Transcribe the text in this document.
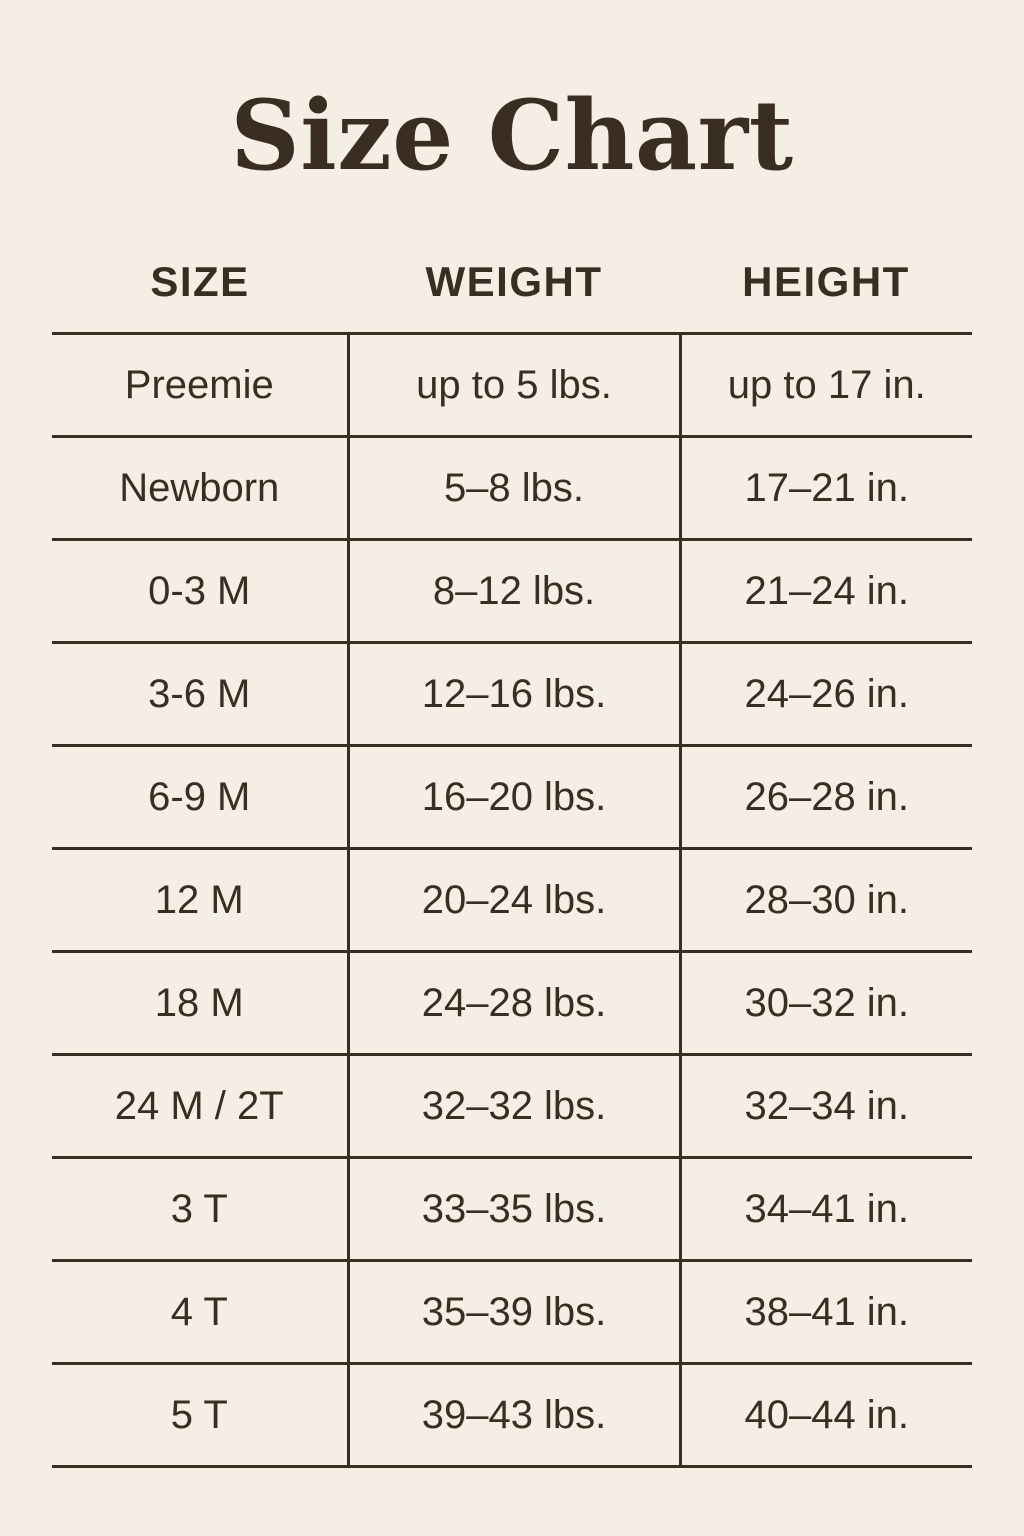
Size Chart
SIZE	WEIGHT	HEIGHT

Preemie	up to 5 lbs.	up to 17 in.

Newborn	5–8 lbs.	17–21 in.

0-3 M	8–12 lbs.	21–24 in.

3-6 M	12–16 lbs.	24–26 in.

6-9 M	16–20 lbs.	26–28 in.

12 M	20–24 lbs.	28–30 in.

18 M	24–28 lbs.	30–32 in.

24 M / 2T	32–32 lbs.	32–34 in.

3 T	33–35 lbs.	34–41 in.

4 T	35–39 lbs.	38–41 in.

5 T	39–43 lbs.	40–44 in.
